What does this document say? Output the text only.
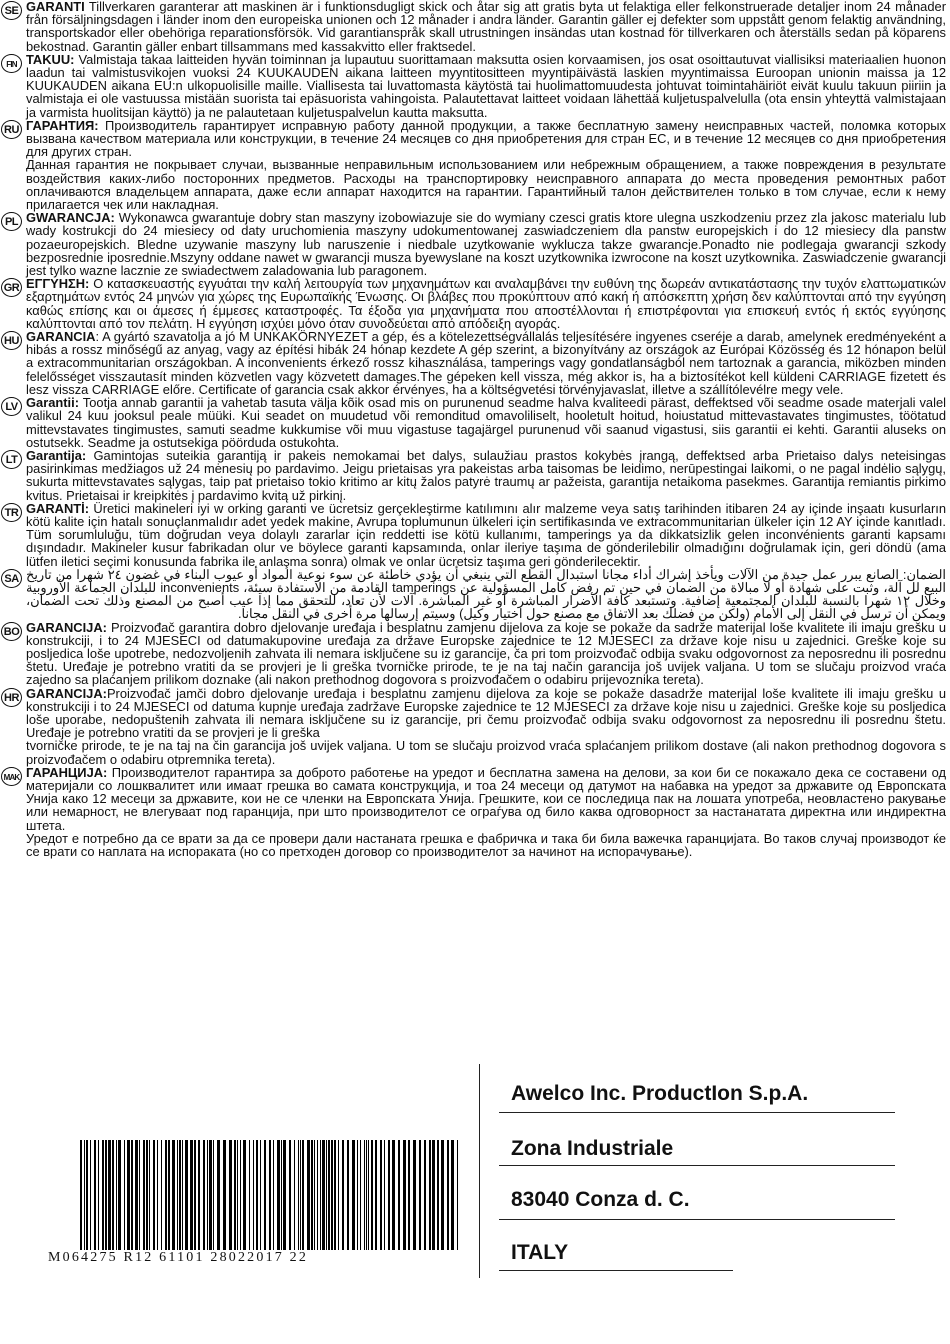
SE GARANTI Tillverkaren garanterar att maskinen är i funktionsdugligt skick och åtar sig att gratis byta ut felaktiga eller felkonstruerade detaljer inom 24 månader från försäljningsdagen i länder inom den europeiska unionen och 12 månader i andra länder. Garantin gäller ej defekter som uppstått genom felaktig användning, transportskador eller obehöriga reparationsförsök. Vid garantianspråk skall utrustningen insändas utan kostnad för tillverkaren och återställs sedan på köparens bekostnad. Garantin gäller enbart tillsammans med kassakvitto eller fraktsedel.

FIN TAKUU: Valmistaja takaa laitteiden hyvän toiminnan ja lupautuu suorittamaan maksutta osien korvaamisen, jos osat osoittautuvat viallisiksi materiaalien huonon laadun tai valmistusvikojen vuoksi 24 KUUKAUDEN aikana laitteen myyntitositteen myyntipäivästä laskien myyntimaissa Euroopan unionin maissa ja 12 KUUKAUDEN aikana EU:n ulkopuolisille maille. Viallisesta tai luvattomasta käytöstä tai huolimattomuudesta johtuvat toimintahäiriöt eivät kuulu takuun piiriin ja valmistaja ei ole vastuussa mistään suorista tai epäsuorista vahingoista. Palautettavat laitteet voidaan lähettää kuljetuspalvelulla (ota ensin yhteyttä valmistajaan ja varmista huolitsijan käyttö) ja ne palautetaan kuljetuspalvelun kautta maksutta.

RU ГАРАНТИЯ: Производитель гарантирует исправную работу данной продукции, а также бесплатную замену неисправных частей, поломка которых вызвана качеством материала или конструкции, в течение 24 месяцев со дня приобретения для стран ЕС, и в течение 12 месяцев со дня приобретения для других стран.

Данная гарантия не покрывает случаи, вызванные неправильным использованием или небрежным обращением, а также повреждения в результате воздействия каких-либо посторонних предметов. Расходы на транспортировку неисправного аппарата до места проведения ремонтных работ оплачиваются владельцем аппарата, даже если аппарат находится на гарантии. Гарантийный талон действителен только в том случае, если к нему прилагается чек или накладная.

PL GWARANCJA: Wykonawca gwarantuje dobry stan maszyny izobowiazuje sie do wymiany czesci gratis ktore ulegna uszkodzeniu przez zla jakosc materialu lub wady kostrukcji do 24 miesiecy od daty uruchomienia maszyny udokumentowanej zaswiadczeniem dla panstw europejskich i do 12 miesiecy dla panstw pozaeuropejskich. Bledne uzywanie maszyny lub naruszenie i niedbale uzytkowanie wyklucza takze gwarancje.Ponadto nie podlegaja gwarancji szkody bezposrednie iposrednie.Mszyny oddane nawet w gwarancji musza byewyslane na koszt uzytkownika izwrocone na koszt uzytkownika. Zaswiadczenie gwarancji jest tylko wazne lacznie ze swiadectwem zaladowania lub paragonem.

GR ΕΓΓΥΗΣΗ: Ο κατασκευαστής εγγυάται την καλή λειτουργία των μηχανημάτων και αναλαμβάνει την ευθύνη της δωρεάν αντικατάστασης την τυχόν ελαττωματικών εξαρτημάτων εντός 24 μηνών για χώρες της Ευρωπαϊκής Ένωσης. Οι βλάβες που προκύπτουν από κακή ή απόσκεπτη χρήση δεν καλύπτονται από την εγγύηση καθώς επίσης και οι άμεσες ή έμμεσες καταστροφές. Τα έξοδα για μηχανήματα που αποστέλλονται ή επιστρέφονται για επισκευή εντός ή εκτός εγγύησης καλύπτονται από τον πελάτη. Η εγγύηση ισχύει μόνο όταν συνοδεύεται από απόδειξη αγοράς.

HU GARANCIA: A gyártó szavatolja a jó M UNKAKÖRNYEZET a gép, és a kötelezettségvállalás teljesítésére ingyenes cseréje a darab, amelynek eredményeként a hibás a rossz minőségű az anyag, vagy az építési hibák 24 hónap kezdete A gép szerint, a bizonyítvány az országok az Európai Közösség és 12 hónapon belül a extracommunitarian országokban. A inconvenients érkező rossz kihasználása, tamperings vagy gondatlanságból nem tartoznak a garancia, miközben minden felelősséget visszautasít minden közvetlen vagy közvetett damages.The gépeken kell vissza, még akkor is, ha a biztosítékot kell küldeni CARRIAGE fizetett és lesz vissza CARRIAGE előre. Certificate of garancia csak akkor érvényes, ha a költségvetési törvényjavaslat, illetve a szállítólevélre megy vele.

LV Garantii: Tootja annab garantii ja vahetab tasuta välja kõik osad mis on purunenud seadme halva kvaliteedi pärast, deffektsed või seadme osade materjali valel valikul 24 kuu jooksul peale müüki. Kui seadet on muudetud või remonditud omavoliliselt, hooletult hoitud, hoiustatud mittevastavates tingimustes, töötatud mittevstavates tingimustes, samuti seadme kukkumise või muu vigastuse tagajärgel purunenud või saanud vigastusi, siis garantii ei kehti. Garantii aluseks on ostutsekk. Seadme ja ostutsekiga pöörduda ostukohta.

LT Garantija: Gamintojas suteikia garantiją ir pakeis nemokamai bet dalys, sulaužiau prastos kokybės įrangą, deffektsed arba Prietaiso dalys neteisingas pasirinkimas medžiagos už 24 mėnesių po pardavimo. Jeigu prietaisas yra pakeistas arba taisomas be leidimo, nerūpestingai laikomi, o ne pagal indėlio sąlygų, sukurta mittevstavates sąlygas, taip pat prietaiso tokio kritimo ar kitų žalos patyrė traumų ar pažeista, garantija netaikoma pasekmes. Garantija remiantis pirkimo kvitus. Prietaisai ir kreipkitės į pardavimo kvitą už pirkinį.

TR GARANTİ: Üretici makineleri iyi w orking garanti ve ücretsiz gerçekleştirme katılımını alır malzeme veya satış tarihinden itibaren 24 ay içinde inşaatı kusurların kötü kalite için hatalı sonuçlanmalıdır adet yedek makine, Avrupa toplumunun ülkeleri için sertifikasında ve extracommunitarian ülkeler için 12 AY içinde kanıtladı. Tüm sorumluluğu, tüm doğrudan veya dolaylı zararlar için reddetti ise kötü kullanımı, tamperings ya da dikkatsizlik gelen inconvénients garanti kapsamı dışındadır. Makineler kusur fabrikadan olur ve böylece garanti kapsamında, onlar ileriye taşıma de gönderilebilir olmadığını doğrulamak için, geri döndü (ama lütfen iletici seçimi konusunda fabrika ile anlaşma sonra) olmak ve onlar ücretsiz taşıma geri gönderilecektir.

SA الضمان: الصانع يبرر عمل جيدة من الآلات ويأخذ إشراك أداء مجانا استبدال القطع التي ينبغي أن يؤدي خاطئة عن سوء نوعية المواد أو عيوب البناء في غضون ٢٤ شهرا من تاريخ البيع لل آلة، وثبت على شهادة أو لا مبالاة من الضمان في حين تم رفض كامل المسؤولية عن tamperings القادمة من الاستفادة سيئة، inconvenients للبلدان الجماعة الأوروبية وخلال ١٢ شهرا بالنسبة للبلدان المجتمعية إضافية. وتستبعد كافة الأضرار المباشرة أو غير المباشرة. آلات لأن تعاد، للتحقق مما إذا عيب أصبح من المصنع وذلك تحت الضمان، ويمكن أن ترسل في النقل إلى الأمام (ولكن من فضلك بعد الاتفاق مع مصنع حول اختيار وكيل) وسيتم إرسالها مرة أخرى في النقل مجانا.

BO GARANCIJA: Proizvođač garantira dobro djelovanje uređaja i besplatnu zamjenu dijelova za koje se pokaže da sadrže materijal loše kvalitete ili imaju grešku u konstrukciji, i to 24 MJESECI od datumakupovine uređaja za države Europske zajednice te 12 MJESECI za države koje nisu u zajednici. Greške koje su posljedica loše upotrebe, nedozvoljenih zahvata ili nemara isključene su iz garancije, ča pri tom proizvođač odbija svaku odgovornost za neposrednu ili posrednu štetu. Uređaje je potrebno vratiti da se provjeri je li greška tvorničke prirode, te je na taj način garancija još uvijek valjana. U tom se slučaju proizvod vraća zajedno sa plaćanjem prilikom doznake (ali nakon prethodnog dogovora s proizvođačem o odabiru prijevoznika tereta).

HR GARANCIJA:Proizvođač jamči dobro djelovanje uređaja i besplatnu zamjenu dijelova za koje se pokaže dasadrže materijal loše kvalitete ili imaju grešku u konstrukciji i to 24 MJESECI od datuma kupnje uređaja zadržave Europske zajednice te 12 MJESECI za države koje nisu u zajednici. Greške koje su posljedica loše uporabe, nedopuštenih zahvata ili nemara isključene su iz garancije, pri čemu proizvođač odbija svaku odgovornost za neposrednu ili posrednu štetu. Uređaje je potrebno vratiti da se provjeri je li greška

tvorničke prirode, te je na taj na čin garancija još uvijek valjana. U tom se slučaju proizvod vraća splaćanjem prilikom dostave (ali nakon prethodnog dogovora s proizvođačem o odabiru otpremnika tereta).

MAK ГАРАНЦИЈА: Производителот гарантира за доброто работење на уредот и бесплатна замена на делови, за кои би се покажало дека се составени од материјали со лошквалитет или имаат грешка во самата конструкција, и тоа 24 месеци од датумот на набавка на уредот за државите од Европската Унија како 12 месеци за државите, кои не се членки на Европската Унија. Грешките, кои се последица пак на лошата употреба, неовластено ракување или немарност, не влегуваат под гаранција, при што производителот се ограѓува од било каква одговорност за настанатата директна или индиректна штета.

Уредот е потребно да се врати за да се провери дали настаната грешка е фабричка и така би била важечка гаранцијата. Во таков случај производот ќе се врати со наплата на испораката (но со претходен договор со производителот за начинот на испорачување).

Awelco Inc. ProductIon S.p.A.
Zona Industriale
83040 Conza d. C.
ITALY
M064275 R12 61101 28022017 22
